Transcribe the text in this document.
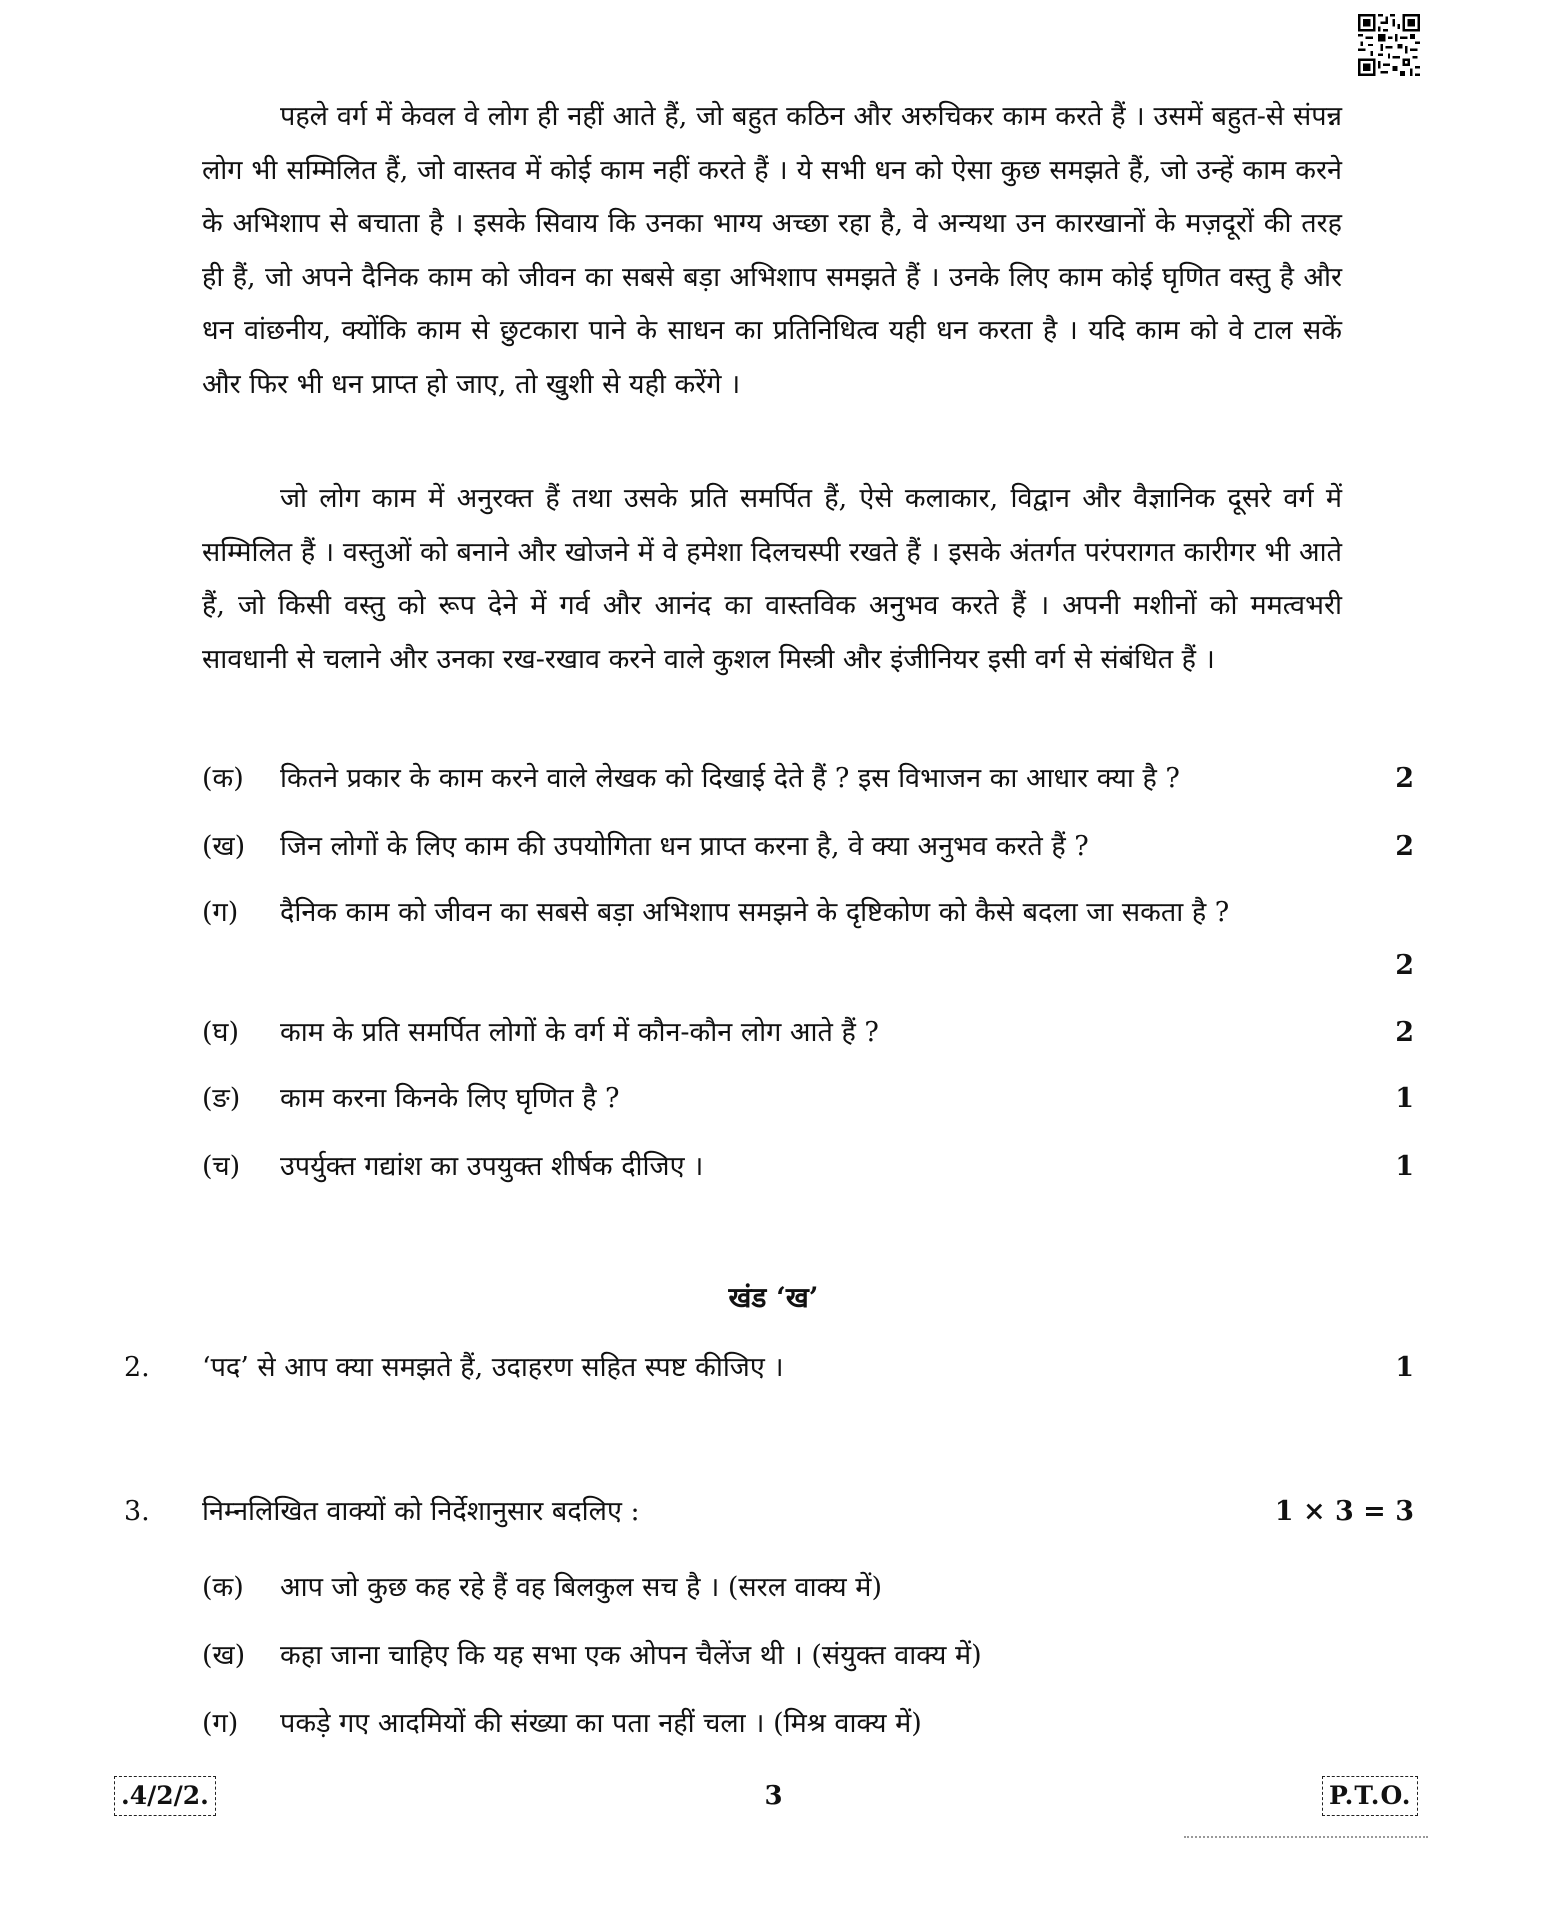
पहले वर्ग में केवल वे लोग ही नहीं आते हैं, जो बहुत कठिन और अरुचिकर काम करते हैं । उसमें बहुत-से संपन्न लोग भी सम्मिलित हैं, जो वास्तव में कोई काम नहीं करते हैं । ये सभी धन को ऐसा कुछ समझते हैं, जो उन्हें काम करने के अभिशाप से बचाता है । इसके सिवाय कि उनका भाग्य अच्छा रहा है, वे अन्यथा उन कारखानों के मज़दूरों की तरह ही हैं, जो अपने दैनिक काम को जीवन का सबसे बड़ा अभिशाप समझते हैं । उनके लिए काम कोई घृणित वस्तु है और धन वांछनीय, क्योंकि काम से छुटकारा पाने के साधन का प्रतिनिधित्व यही धन करता है । यदि काम को वे टाल सकें और फिर भी धन प्राप्त हो जाए, तो खुशी से यही करेंगे ।

जो लोग काम में अनुरक्त हैं तथा उसके प्रति समर्पित हैं, ऐसे कलाकार, विद्वान और वैज्ञानिक दूसरे वर्ग में सम्मिलित हैं । वस्तुओं को बनाने और खोजने में वे हमेशा दिलचस्पी रखते हैं । इसके अंतर्गत परंपरागत कारीगर भी आते हैं, जो किसी वस्तु को रूप देने में गर्व और आनंद का वास्तविक अनुभव करते हैं । अपनी मशीनों को ममत्वभरी सावधानी से चलाने और उनका रख-रखाव करने वाले कुशल मिस्त्री और इंजीनियर इसी वर्ग से संबंधित हैं ।

(क)	कितने प्रकार के काम करने वाले लेखक को दिखाई देते हैं ? इस विभाजन का आधार क्या है ?	2
(ख)	जिन लोगों के लिए काम की उपयोगिता धन प्राप्त करना है, वे क्या अनुभव करते हैं ?	2
(ग)	दैनिक काम को जीवन का सबसे बड़ा अभिशाप समझने के दृष्टिकोण को कैसे बदला जा सकता है ?
2
(घ)	काम के प्रति समर्पित लोगों के वर्ग में कौन-कौन लोग आते हैं ?	2
(ङ)	काम करना किनके लिए घृणित है ?	1
(च)	उपर्युक्त गद्यांश का उपयुक्त शीर्षक दीजिए ।	1
खंड ‘ख’
2. ‘पद’ से आप क्या समझते हैं, उदाहरण सहित स्पष्ट कीजिए ।	1
3. निम्नलिखित वाक्यों को निर्देशानुसार बदलिए :	1 × 3 = 3
(क)	आप जो कुछ कह रहे हैं वह बिलकुल सच है । (सरल वाक्य में)
(ख)	कहा जाना चाहिए कि यह सभा एक ओपन चैलेंज थी । (संयुक्त वाक्य में)
(ग)	पकड़े गए आदमियों की संख्या का पता नहीं चला । (मिश्र वाक्य में)
.4/2/2.	3	P.T.O.
